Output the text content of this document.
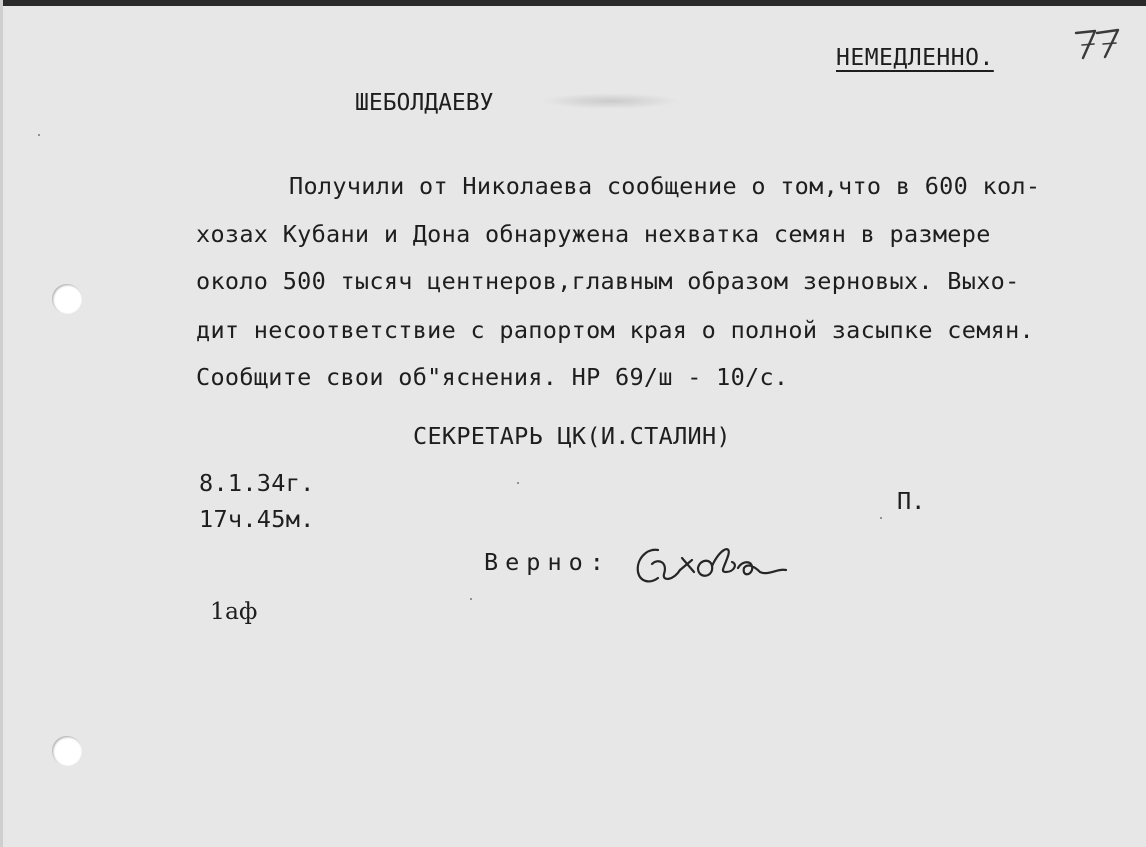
НЕМЕДЛЕННО.
ШЕБОЛДАЕВУ
Получили от Николаева сообщение о том,что в 600 кол-
хозах Кубани и Дона обнаружена нехватка семян в размере
около 500 тысяч центнеров,главным образом зерновых. Выхо-
дит несоответствие с рапортом края о полной засыпке семян.
Сообщите свои об"яснения. НР 69/ш - 10/с.
СЕКРЕТАРЬ ЦК(И.СТАЛИН)
8.1.34г.
17ч.45м.
П.
Верно:
1аф
